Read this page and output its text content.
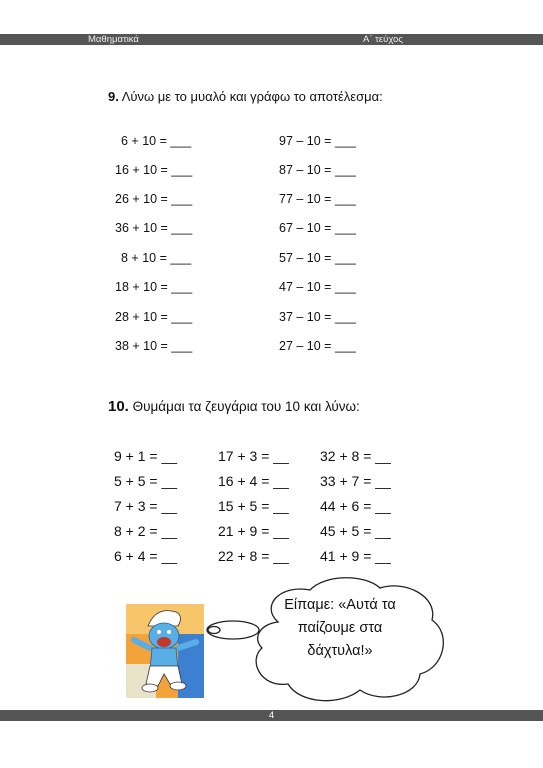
Μαθηματικά	Α΄ τεύχος
9. Λύνω με το μυαλό και γράφω το αποτέλεσμα:
6 + 10 = ___
16 + 10 = ___
26 + 10 = ___
36 + 10 = ___
8 + 10 = ___
18 + 10 = ___
28 + 10 = ___
38 + 10 = ___
97 – 10 = ___
87 – 10 = ___
77 – 10 = ___
67 – 10 = ___
57 – 10 = ___
47 – 10 = ___
37 – 10 = ___
27 – 10 = ___
10. Θυμάμαι τα ζευγάρια του 10 και λύνω:
9 + 1 = __
5 + 5 = __
7 + 3 = __
8 + 2 = __
6 + 4 = __
17 + 3 = __
16 + 4 = __
15 + 5 = __
21 + 9 = __
22 + 8 = __
32 + 8 = __
33 + 7 = __
44 + 6 = __
45 + 5 = __
41 + 9 = __
Είπαμε: «Αυτά τα
παίζουμε στα
δάχτυλα!»
4
